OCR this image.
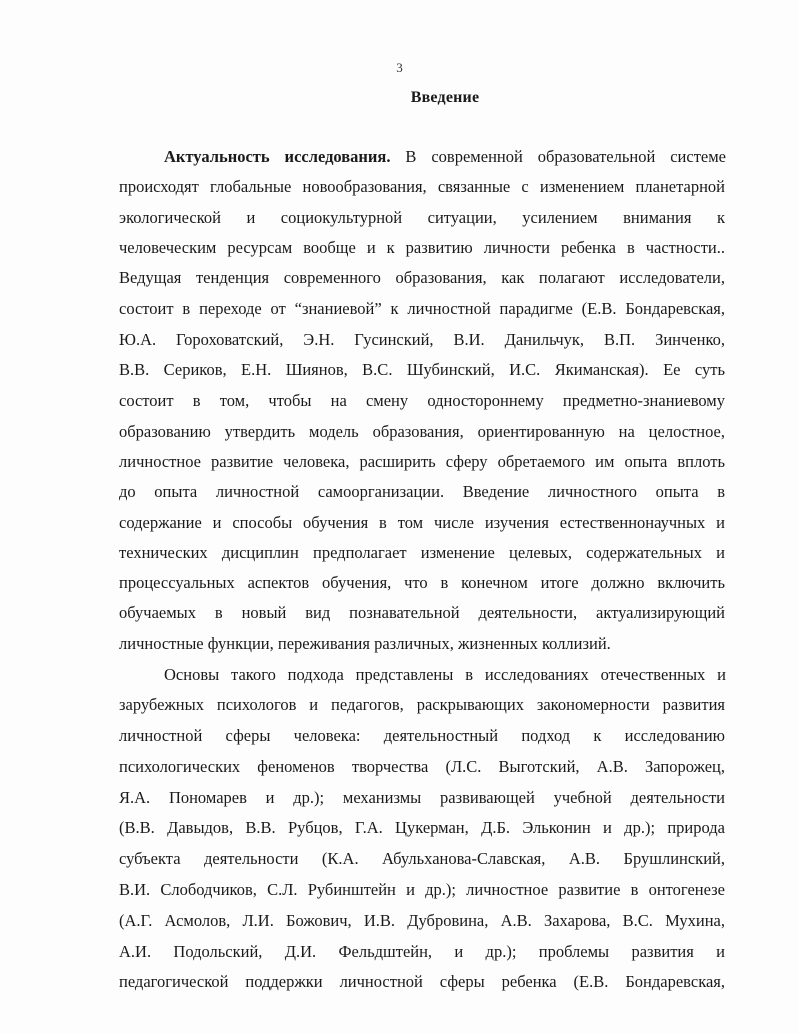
3
Введение
Актуальность исследования. В современной образовательной системе
происходят глобальные новообразования, связанные с изменением планетарной
экологической и социокультурной ситуации, усилением внимания к
человеческим ресурсам вообще и к развитию личности ребенка в частности..
Ведущая тенденция современного образования, как полагают исследователи,
состоит в переходе от “знаниевой” к личностной парадигме (Е.В. Бондаревская,
Ю.А. Гороховатский, Э.Н. Гусинский, В.И. Данильчук, В.П. Зинченко,
В.В. Сериков, Е.Н. Шиянов, В.С. Шубинский, И.С. Якиманская). Ее суть
состоит в том, чтобы на смену одностороннему предметно-знаниевому
образованию утвердить модель образования, ориентированную на целостное,
личностное развитие человека, расширить сферу обретаемого им опыта вплоть
до опыта личностной самоорганизации. Введение личностного опыта в
содержание и способы обучения в том числе изучения естественнонаучных и
технических дисциплин предполагает изменение целевых, содержательных и
процессуальных аспектов обучения, что в конечном итоге должно включить
обучаемых в новый вид познавательной деятельности, актуализирующий
личностные функции, переживания различных, жизненных коллизий.
Основы такого подхода представлены в исследованиях отечественных и
зарубежных психологов и педагогов, раскрывающих закономерности развития
личностной сферы человека: деятельностный подход к исследованию
психологических феноменов творчества (Л.С. Выготский, А.В. Запорожец,
Я.А. Пономарев и др.); механизмы развивающей учебной деятельности
(В.В. Давыдов, В.В. Рубцов, Г.А. Цукерман, Д.Б. Эльконин и др.); природа
субъекта деятельности (К.А. Абульханова-Славская, А.В. Брушлинский,
В.И. Слободчиков, С.Л. Рубинштейн и др.); личностное развитие в онтогенезе
(А.Г. Асмолов, Л.И. Божович, И.В. Дубровина, А.В. Захарова, В.С. Мухина,
А.И. Подольский, Д.И. Фельдштейн, и др.); проблемы развития и
педагогической поддержки личностной сферы ребенка (Е.В. Бондаревская,
